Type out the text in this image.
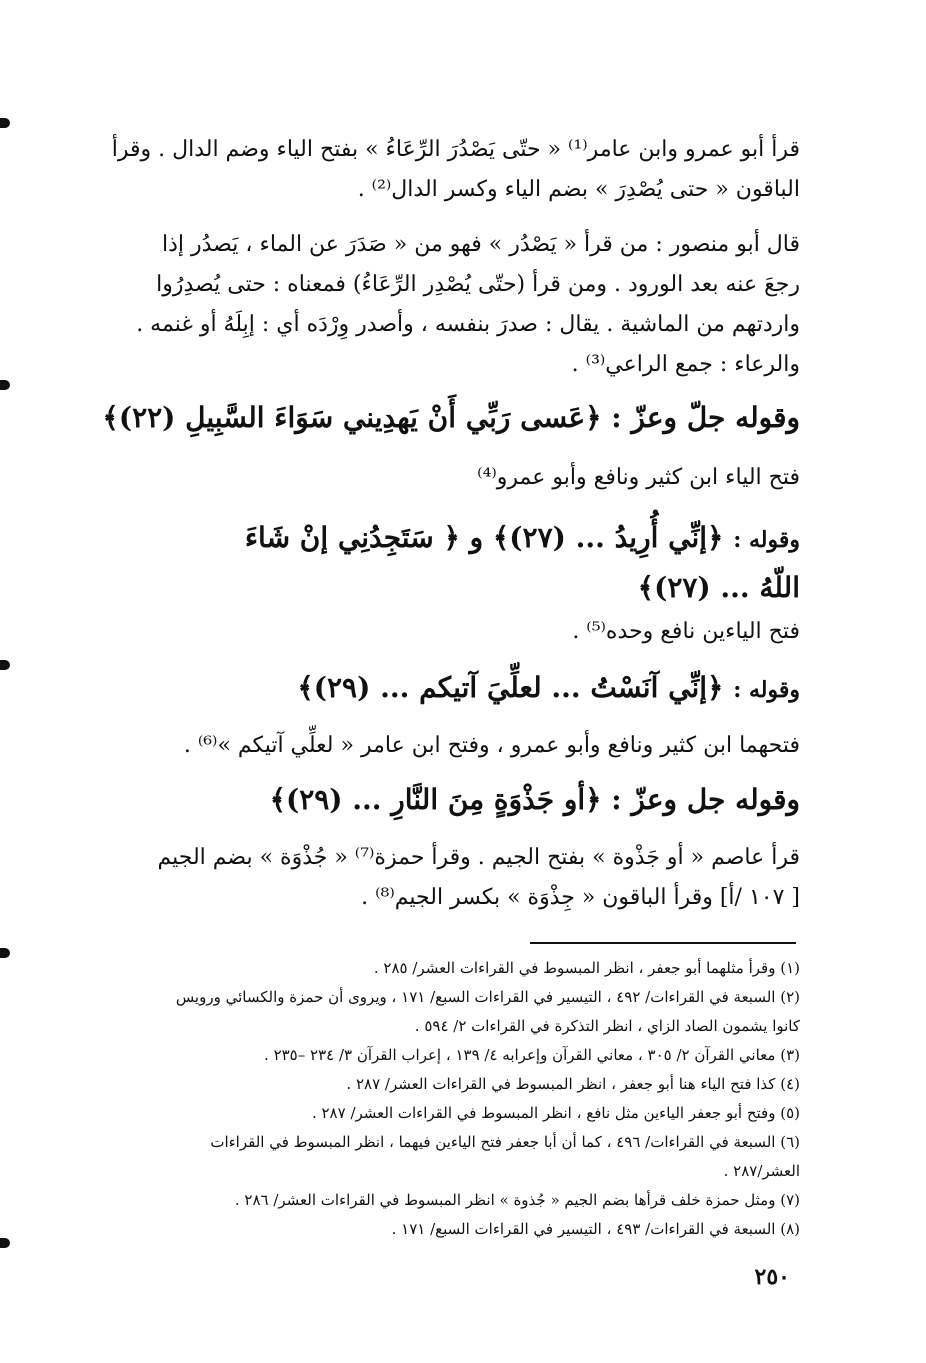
قرأ أبو عمرو وابن عامر⁽¹⁾ « حتّى يَصْدُرَ الرِّعَاءُ » بفتح الياء وضم الدال . وقرأ
الباقون « حتى يُصْدِرَ » بضم الياء وكسر الدال⁽²⁾ .
قال أبو منصور : من قرأ « يَصْدُر » فهو من « صَدَرَ عن الماء ، يَصدُر إذا
رجعَ عنه بعد الورود . ومن قرأ (حتّى يُصْدِر الرِّعَاءُ) فمعناه : حتى يُصدِرُوا
واردتهم من الماشية . يقال : صدرَ بنفسه ، وأصدر وِرْدَه أي : إبِلَهُ أو غنمه .
والرعاء : جمع الراعي⁽³⁾ .
وقوله جلّ وعزّ : ﴿عَسى رَبِّي أَنْ يَهدِيني سَوَاءَ السَّبِيلِ (٢٢)﴾
فتح الياء ابن كثير ونافع وأبو عمرو⁽⁴⁾
وقوله : ﴿إنِّي أُرِيدُ ... (٢٧)﴾ و ﴿ سَتَجِدُنِي إنْ شَاءَ
اللّهُ ... (٢٧)﴾
فتح الياءين نافع وحده⁽⁵⁾ .
وقوله : ﴿إنِّي آنَسْتُ ... لعلِّيَ آتيكم ... (٢٩)﴾
فتحهما ابن كثير ونافع وأبو عمرو ، وفتح ابن عامر « لعلِّي آتيكم »⁽⁶⁾ .
وقوله جل وعزّ : ﴿أو جَذْوَةٍ مِنَ النَّارِ ... (٢٩)﴾
قرأ عاصم « أو جَذْوة » بفتح الجيم . وقرأ حمزة⁽⁷⁾ « جُذْوَة » بضم الجيم
[ ١٠٧ /أ] وقرأ الباقون « جِذْوَة » بكسر الجيم⁽⁸⁾ .
(١) وقرأ مثلهما أبو جعفر ، انظر المبسوط في القراءات العشر/ ٢٨٥ .
(٢) السبعة في القراءات/ ٤٩٢ ، التيسير في القراءات السبع/ ١٧١ ، ويروى أن حمزة والكسائي ورويس
كانوا يشمون الصاد الزاي ، انظر التذكرة في القراءات ٢/ ٥٩٤ .
(٣) معاني القرآن ٢/ ٣٠٥ ، معاني القرآن وإعرابه ٤/ ١٣٩ ، إعراب القرآن ٣/ ٢٣٤ –٢٣٥ .
(٤) كذا فتح الياء هنا أبو جعفر ، انظر المبسوط في القراءات العشر/ ٢٨٧ .
(٥) وفتح أبو جعفر الياءين مثل نافع ، انظر المبسوط في القراءات العشر/ ٢٨٧ .
(٦) السبعة في القراءات/ ٤٩٦ ، كما أن أبا جعفر فتح الياءين فيهما ، انظر المبسوط في القراءات
العشر/٢٨٧ .
(٧) ومثل حمزة خلف قرأها بضم الجيم « جُذوة » انظر المبسوط في القراءات العشر/ ٢٨٦ .
(٨) السبعة في القراءات/ ٤٩٣ ، التيسير في القراءات السبع/ ١٧١ .
٢٥٠
